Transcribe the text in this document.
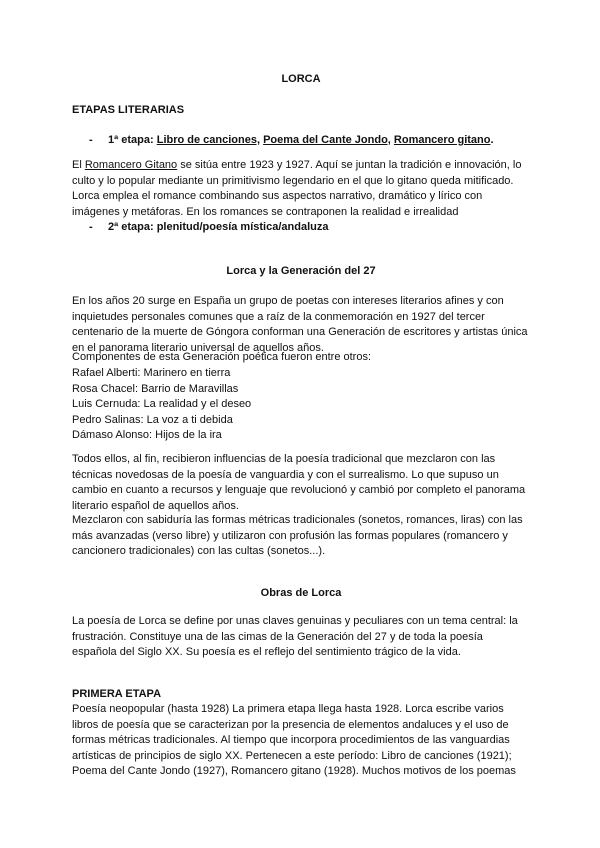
LORCA
ETAPAS LITERARIAS
- 1ª etapa: Libro de canciones, Poema del Cante Jondo, Romancero gitano.

El Romancero Gitano se sitúa entre 1923 y 1927. Aquí se juntan la tradición e innovación, lo culto y lo popular mediante un primitivismo legendario en el que lo gitano queda mitificado. Lorca emplea el romance combinando sus aspectos narrativo, dramático y lírico con imágenes y metáforas. En los romances se contraponen la realidad e irrealidad

- 2ª etapa: plenitud/poesía mística/andaluza
Lorca y la Generación del 27

En los años 20 surge en España un grupo de poetas con intereses literarios afines y con inquietudes personales comunes que a raíz de la conmemoración en 1927 del tercer centenario de la muerte de Góngora conforman una Generación de escritores y artistas única en el panorama literario universal de aquellos años.

Componentes de esta Generación poética fueron entre otros:
Rafael Alberti: Marinero en tierra
Rosa Chacel: Barrio de Maravillas
Luis Cernuda: La realidad y el deseo
Pedro Salinas: La voz a ti debida
Dámaso Alonso: Hijos de la ira

Todos ellos, al fin, recibieron influencias de la poesía tradicional que mezclaron con las técnicas novedosas de la poesía de vanguardia y con el surrealismo. Lo que supuso un cambio en cuanto a recursos y lenguaje que revolucionó y cambió por completo el panorama literario español de aquellos años.

Mezclaron con sabiduría las formas métricas tradicionales (sonetos, romances, liras) con las más avanzadas (verso libre) y utilizaron con profusión las formas populares (romancero y cancionero tradicionales) con las cultas (sonetos...).

Obras de Lorca

La poesía de Lorca se define por unas claves genuinas y peculiares con un tema central: la frustración. Constituye una de las cimas de la Generación del 27 y de toda la poesía española del Siglo XX. Su poesía es el reflejo del sentimiento trágico de la vida.

PRIMERA ETAPA

Poesía neopopular (hasta 1928) La primera etapa llega hasta 1928. Lorca escribe varios libros de poesía que se caracterizan por la presencia de elementos andaluces y el uso de formas métricas tradicionales. Al tiempo que incorpora procedimientos de las vanguardias artísticas de principios de siglo XX. Pertenecen a este período: Libro de canciones (1921); Poema del Cante Jondo (1927), Romancero gitano (1928). Muchos motivos de los poemas
